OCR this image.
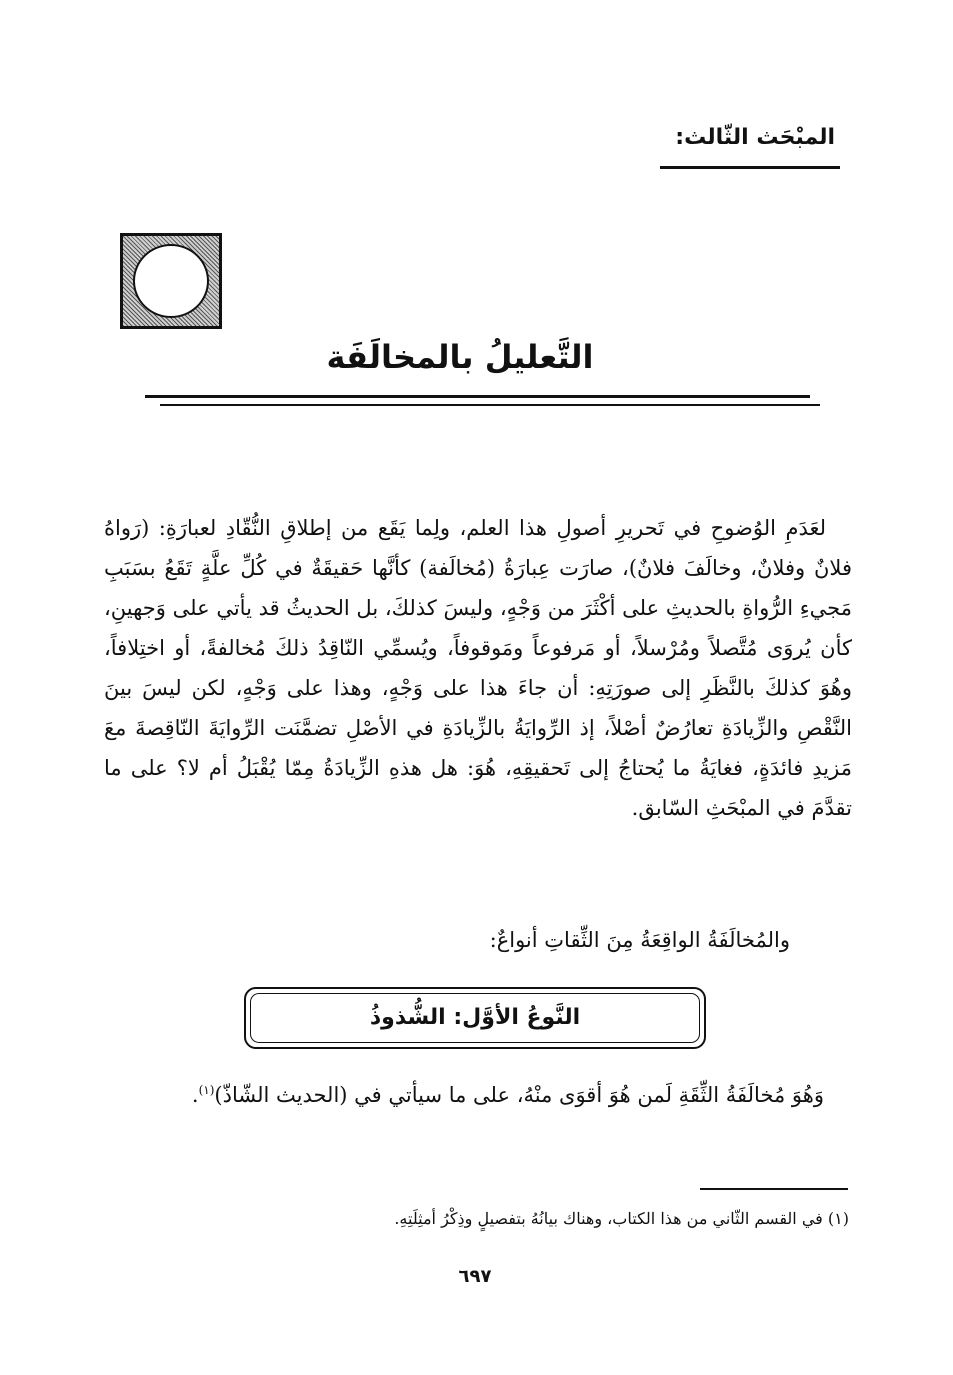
المبْحَث الثّالث:
التَّعليلُ بالمخالَفَة

لعَدَمِ الوُضوحِ في تَحريرِ أصولِ هذا العلم، ولِما يَقَع من إطلاقِ النُّقّادِ لعبارَةِ: (رَواهُ فلانٌ وفلانٌ، وخالَفَ فلانٌ)، صارَت عِبارَةُ (مُخالَفة) كأنَّها حَقيقَةٌ في كُلِّ علَّةٍ تَقَعُ بسَبَبِ مَجيءِ الرُّواةِ بالحديثِ على أكْثَرَ من وَجْهٍ، وليسَ كذلكَ، بل الحديثُ قد يأتي على وَجهينِ، كأن يُروَى مُتَّصلاً ومُرْسلاً، أو مَرفوعاً ومَوقوفاً، ويُسمِّي النّاقِدُ ذلكَ مُخالفةً، أو اختِلافاً، وهُوَ كذلكَ بالنَّظَرِ إلى صورَتِهِ: أن جاءَ هذا على وَجْهٍ، وهذا على وَجْهٍ، لكن ليسَ بينَ النَّقْصِ والزِّيادَةِ تعارُضٌ أصْلاً، إذ الرِّوايَةُ بالزِّيادَةِ في الأصْلِ تضمَّنَت الرِّوايَةَ النّاقِصةَ معَ مَزيدِ فائدَةٍ، فغايَةُ ما يُحتاجُ إلى تَحقيقِهِ، هُوَ: هل هذهِ الزِّيادَةُ مِمّا يُقْبَلُ أم لا؟ على ما تقدَّمَ في المبْحَثِ السّابق.

والمُخالَفَةُ الواقِعَةُ مِنَ الثِّقاتِ أنواعٌ:

النَّوعُ الأوَّل: الشُّذوذُ

وَهُوَ مُخالَفَةُ الثِّقَةِ لَمن هُوَ أقوَى منْهُ، على ما سيأتي في (الحديث الشّاذّ)$^{(١)}$.

(١) في القسم الثّاني من هذا الكتاب، وهناك بيانُهُ بتفصيلٍ وذِكْرُ أمثِلَتِهِ.

٦٩٧
